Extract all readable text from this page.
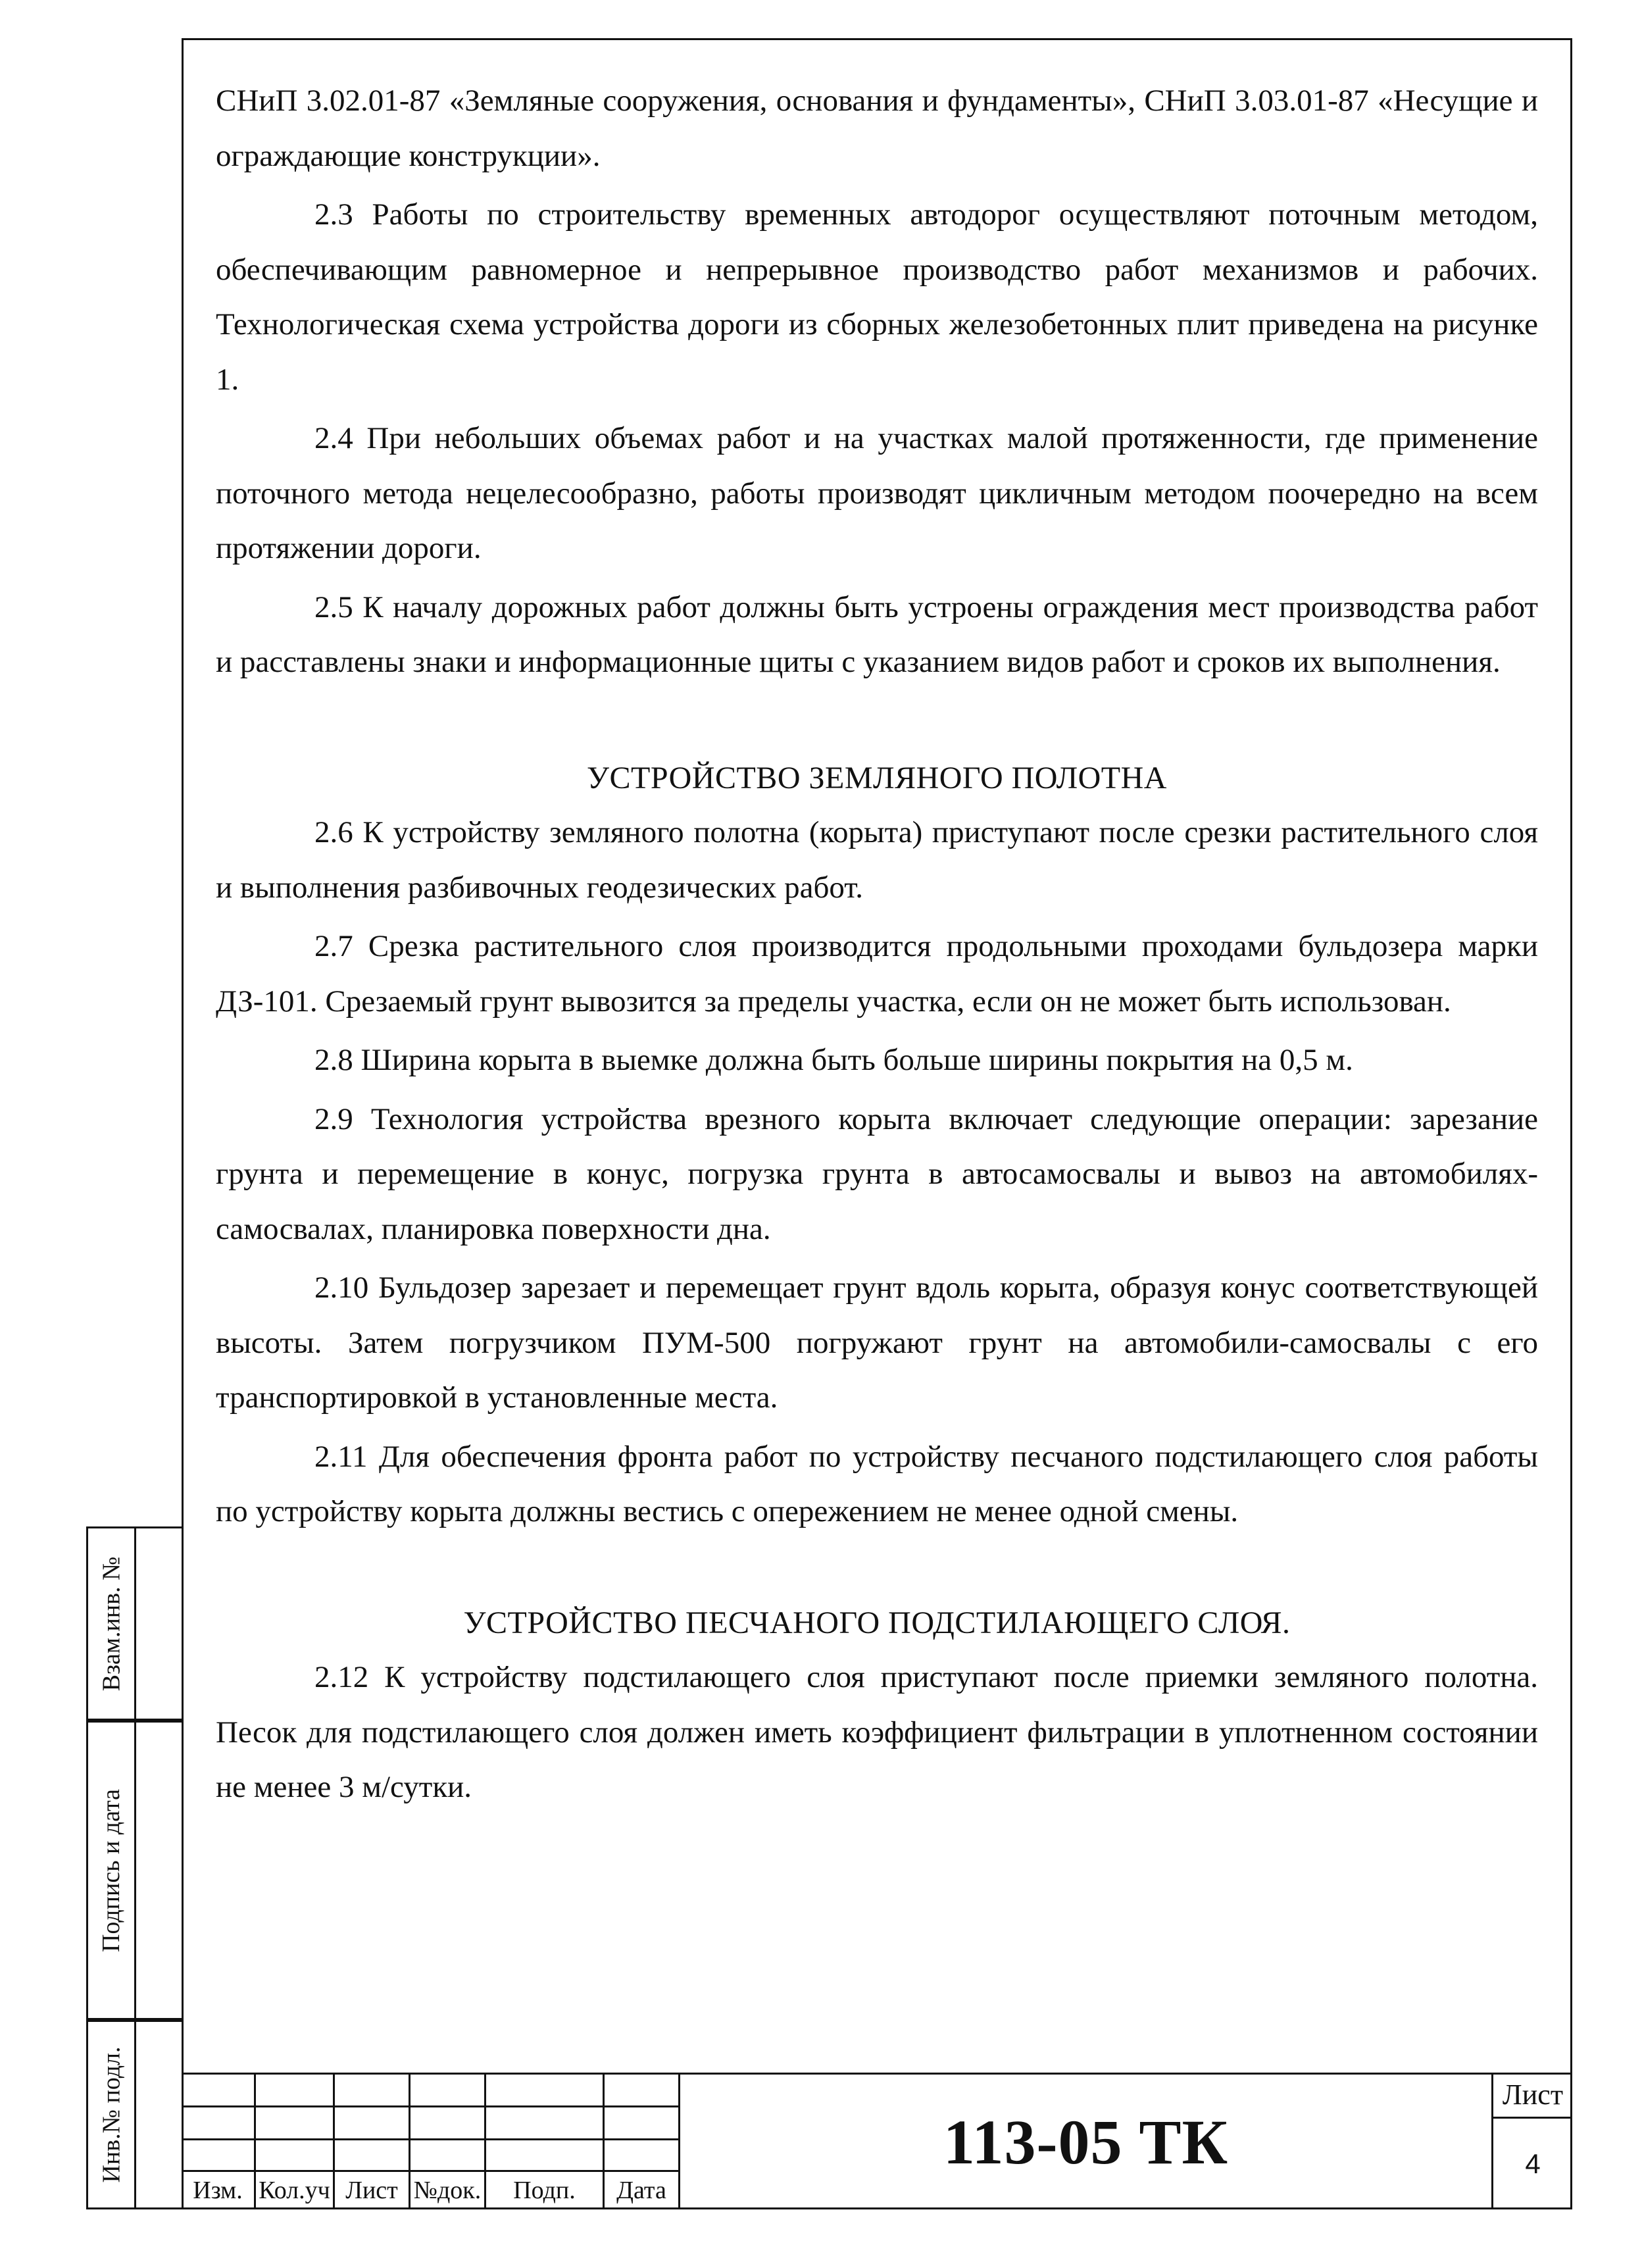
СНиП 3.02.01-87 «Земляные сооружения, основания и фундаменты», СНиП 3.03.01-87 «Несущие и ограждающие конструкции».

2.3 Работы по строительству временных автодорог осуществляют поточным методом, обеспечивающим равномерное и непрерывное производство работ механизмов и рабочих. Технологическая схема устройства дороги из сборных железобетонных плит приведена на рисунке 1.

2.4 При небольших объемах работ и на участках малой протяженности, где применение поточного метода нецелесообразно, работы производят цикличным методом поочередно на всем протяжении дороги.

2.5 К началу дорожных работ должны быть устроены ограждения мест производства работ и расставлены знаки и информационные щиты с указанием видов работ и сроков их выполнения.

УСТРОЙСТВО ЗЕМЛЯНОГО ПОЛОТНА

2.6 К устройству земляного полотна (корыта) приступают после срезки растительного слоя и выполнения разбивочных геодезических работ.

2.7 Срезка растительного слоя производится продольными проходами бульдозера марки ДЗ-101. Срезаемый грунт вывозится за пределы участка, если он не может быть использован.

2.8 Ширина корыта в выемке должна быть больше ширины покрытия на 0,5 м.

2.9 Технология устройства врезного корыта включает следующие операции: зарезание грунта и перемещение в конус, погрузка грунта в автосамосвалы и вывоз на автомобилях-самосвалах, планировка поверхности дна.

2.10 Бульдозер зарезает и перемещает грунт вдоль корыта, образуя конус соответствующей высоты. Затем погрузчиком ПУМ-500 погружают грунт на автомобили-самосвалы с его транспортировкой в установленные места.

2.11 Для обеспечения фронта работ по устройству песчаного подстилающего слоя работы по устройству корыта должны вестись с опережением не менее одной смены.

УСТРОЙСТВО ПЕСЧАНОГО ПОДСТИЛАЮЩЕГО СЛОЯ.

2.12 К устройству подстилающего слоя приступают после приемки земляного полотна. Песок для подстилающего слоя должен иметь коэффициент фильтрации в уплотненном состоянии не менее 3 м/сутки.

Взам.инв. №
Подпись и дата
Инв.№ подл.
Изм. Кол.уч Лист №док.	Подп.	Дата
113-05 ТК
Лист
4
